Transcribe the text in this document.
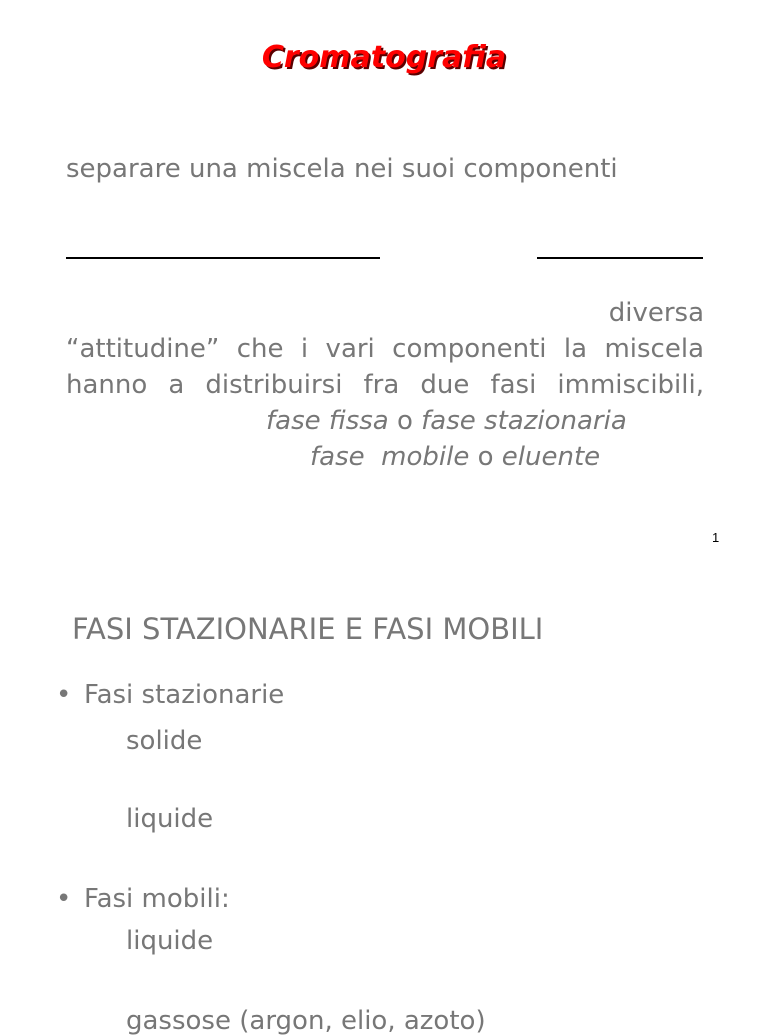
Cromatografia
separare una miscela nei suoi componenti
diversa
“attitudine” che i vari componenti la miscela
hanno a distribuirsi fra due fasi immiscibili,
fase fissa o fase stazionaria
fase  mobile o eluente
1
FASI STAZIONARIE E FASI MOBILI
• Fasi stazionarie
solide
liquide
• Fasi mobili:
liquide
gassose (argon, elio, azoto)
